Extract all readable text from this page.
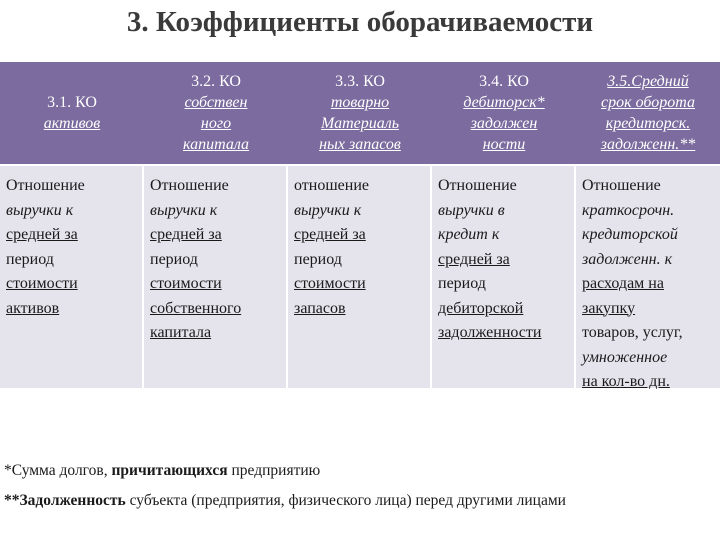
3. Коэффициенты оборачиваемости
3.1. КО
активов
3.2. КО
собствен
ного
капитала
3.3. КО
товарно
Материаль
ных запасов
3.4. КО
дебиторск*
задолжен
ности
3.5.Средний
срок оборота
кредиторск.
задолженн.**
Отношение
выручки к
средней за
период
стоимости
активов
Отношение
выручки к
средней за
период
стоимости
собственного
капитала
отношение
выручки к
средней за
период
стоимости
запасов
Отношение
выручки в
кредит к
средней за
период
дебиторской
задолженности
Отношение
краткосрочн.
кредиторской
задолженн. к
расходам на
закупку
товаров, услуг,
умноженное
на кол-во дн.
*Сумма долгов, причитающихся предприятию
**Задолженность субъекта (предприятия, физического лица) перед другими лицами
